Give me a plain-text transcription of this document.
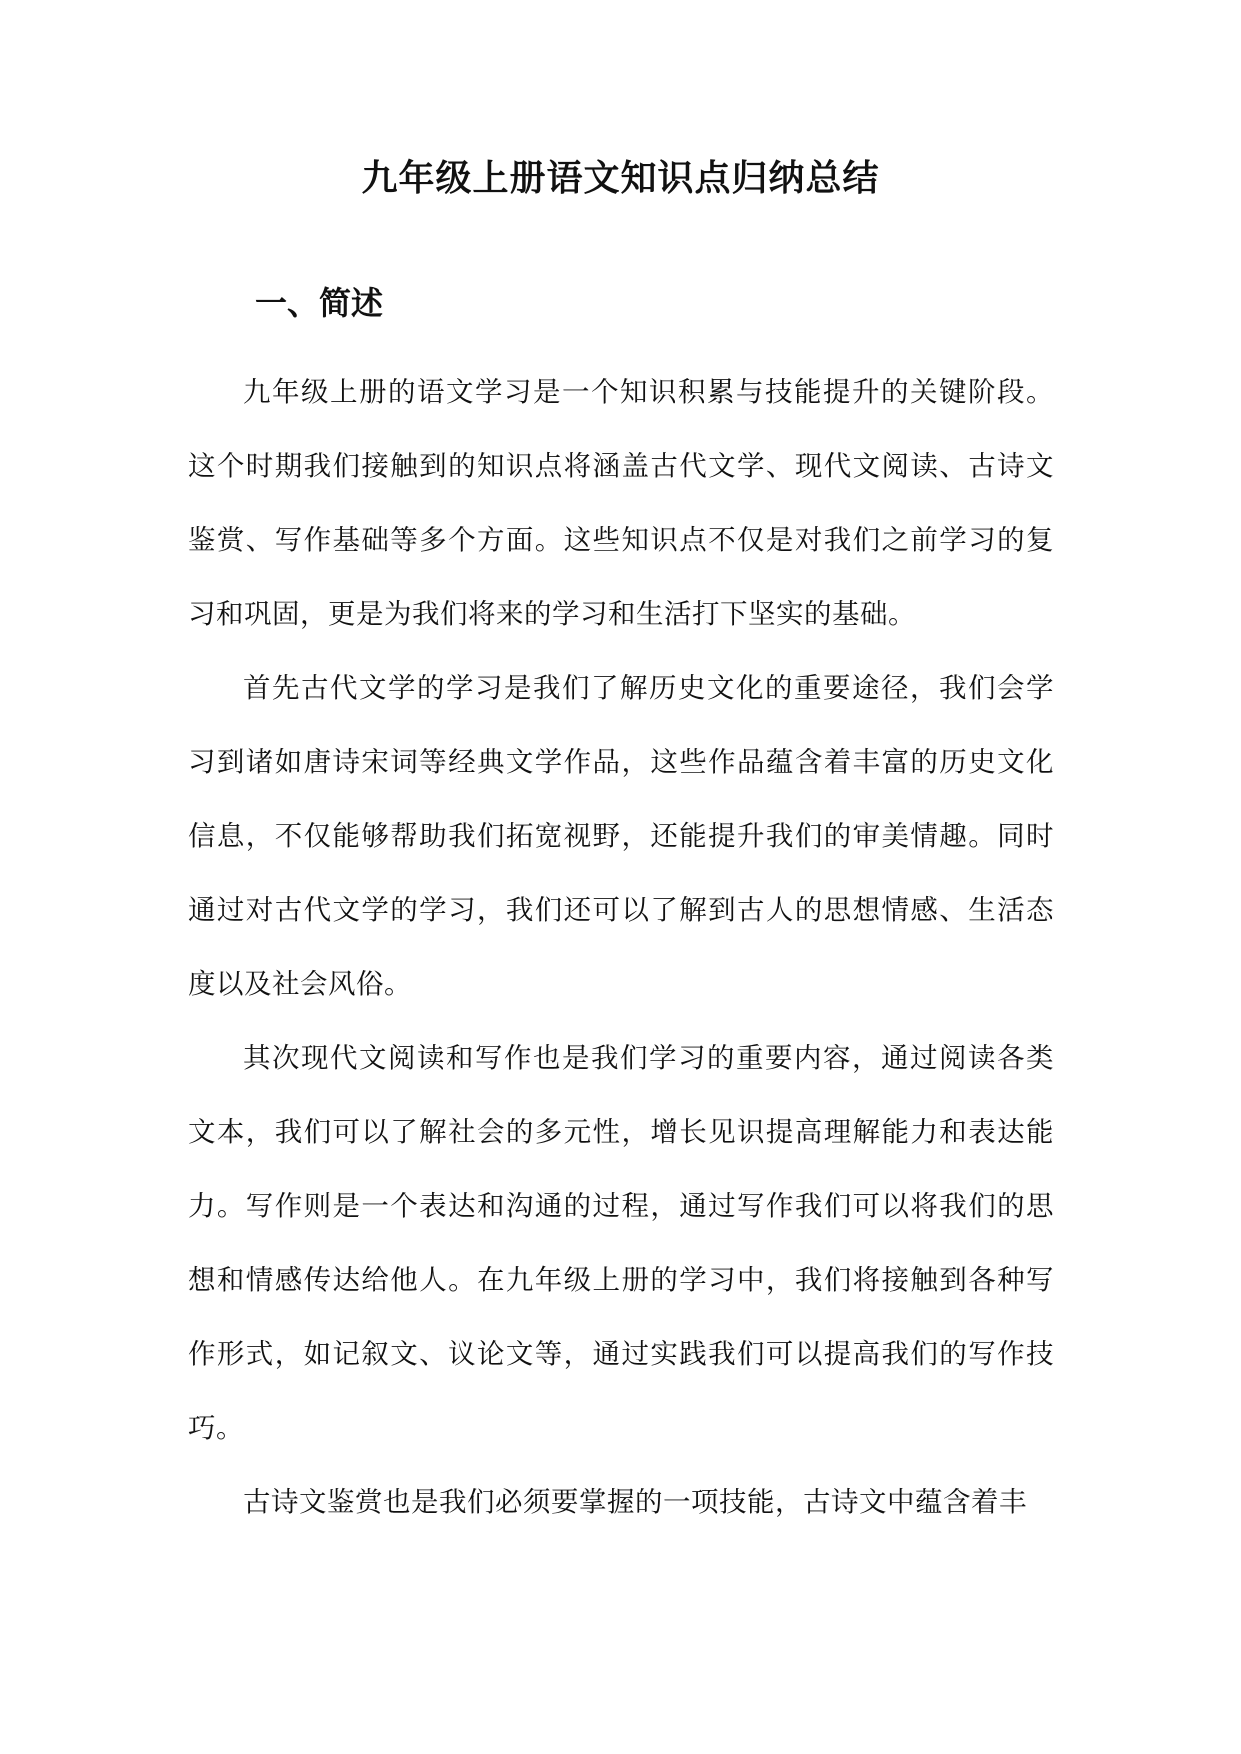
九年级上册语文知识点归纳总结
一、简述

九年级上册的语文学习是一个知识积累与技能提升的关键阶段。这个时期我们接触到的知识点将涵盖古代文学、现代文阅读、古诗文鉴赏、写作基础等多个方面。这些知识点不仅是对我们之前学习的复习和巩固，更是为我们将来的学习和生活打下坚实的基础。

首先古代文学的学习是我们了解历史文化的重要途径，我们会学习到诸如唐诗宋词等经典文学作品，这些作品蕴含着丰富的历史文化信息，不仅能够帮助我们拓宽视野，还能提升我们的审美情趣。同时通过对古代文学的学习，我们还可以了解到古人的思想情感、生活态度以及社会风俗。

其次现代文阅读和写作也是我们学习的重要内容，通过阅读各类文本，我们可以了解社会的多元性，增长见识提高理解能力和表达能力。写作则是一个表达和沟通的过程，通过写作我们可以将我们的思想和情感传达给他人。在九年级上册的学习中，我们将接触到各种写作形式，如记叙文、议论文等，通过实践我们可以提高我们的写作技巧。

古诗文鉴赏也是我们必须要掌握的一项技能，古诗文中蕴含着丰
